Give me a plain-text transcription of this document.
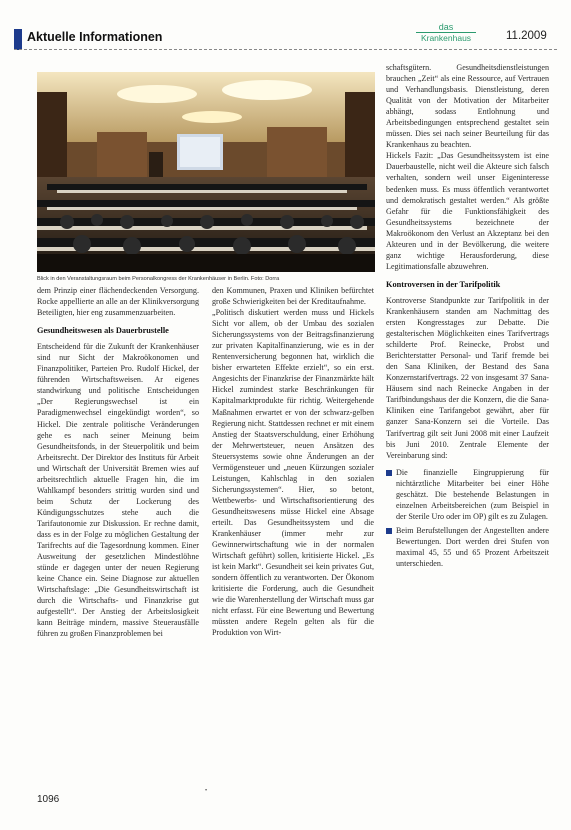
Aktuelle Informationen
das
Krankenhaus	11.2009
Blick in den Veranstaltungsraum beim Personalkongress der Krankenhäuser in Berlin. Foto: Dorra

dem Prinzip einer flächendeckenden Versorgung. Rocke appellierte an alle an der Klinikversorgung Beteiligten, hier eng zusammenzuarbeiten.

Gesundheitswesen als Dauerbrustelle

Entscheidend für die Zukunft der Krankenhäuser sind nur Sicht der Makroökonomen und Finanzpolitiker, Parteien Pro. Rudolf Hickel, der führenden Wirtschaftsweisen. Ar eigenes standwirkung und politische Entscheidungen „Der Regierungswechsel ist ein Paradigmenwechsel eingekündigt worden“, so Hickel. Die zentrale politische Veränderungen gehe es nach seiner Meinung beim Gesundheitsfonds, in der Steuerpolitik und beim Arbeitsrecht. Der Direktor des Instituts für Arbeit und Wirtschaft der Universität Bremen wies auf arbeitsrechtlich aktuelle Fragen hin, die im Wahlkampf besonders strittig wurden sind und beim Schutz der Lockerung des Kündigungsschutzes stehe auch die Tarifautonomie zur Diskussion. Er rechne damit, dass es in der Folge zu möglichen Gestaltung der Tarifrechts auf die Tagesordnung kommen. Einer Ausweitung der gesetzlichen Mindestlöhne stünde er dagegen unter der neuen Regierung keine Chance ein. Seine Diagnose zur aktuellen Wirtschaftslage: „Die Gesundheitswirtschaft ist durch die Wirtschafts- und Finanzkrise gut aufgestellt“. Der Anstieg der Arbeitslosigkeit kann Beiträge mindern, massive Steuerausfälle führen zu großen Finanzproblemen bei

den Kommunen, Praxen und Kliniken befürchtet große Schwierigkeiten bei der Kreditaufnahme.

„Politisch diskutiert werden muss und Hickels Sicht vor allem, ob der Umbau des sozialen Sicherungssystems von der Beitragsfinanzierung zur privaten Kapitalfinanzierung, wie es in der Rentenversicherung begonnen hat, wirklich die bisher erwarteten Effekte erzielt“, so ein erst. Angesichts der Finanzkrise der Finanzmärkte hält Hickel zumindest starke Beschränkungen für Kapitalmarktprodukte für richtig. Weitergehende Maßnahmen erwartet er von der schwarz-gelben Regierung nicht. Stattdessen rechnet er mit einem Anstieg der Staatsverschuldung, einer Erhöhung der Mehrwertsteuer, neuen Ansätzen des Steuersystems sowie ohne Änderungen an der Vermögensteuer und „neuen Kürzungen sozialer Leistungen, Kahlschlag in den sozialen Sicherungssystemen“. Hier, so betont, Wettbewerbs- und Wirtschaftsorientierung des Gesundheitswesens müsse Hickel eine Absage erteilt. Das Gesundheitssystem und die Krankenhäuser (immer mehr zur Gewinnerwirtschaftung wie in der normalen Wirtschaft geführt) sollen, kritisierte Hickel. „Es ist kein Markt“. Gesundheit sei kein privates Gut, sondern öffentlich zu verantworten. Der Ökonom kritisierte die Forderung, auch die Gesundheit wie die Warenherstellung der Wirtschaft muss gar nicht erfasst. Für eine Bewertung und Bewertung müssten andere Regeln gelten als für die Produktion von Wirt-

schaftsgütern. Gesundheitsdienstleistungen brauchen „Zeit“ als eine Ressource, auf Vertrauen und Verhandlungsbasis. Dienstleistung, deren Qualität von der Motivation der Mitarbeiter abhängt, sodass Entlohnung und Arbeitsbedingungen entsprechend gestaltet sein müssen. Dies sei nach seiner Beurteilung für das Krankenhaus zu beachten.

Hickels Fazit: „Das Gesundheitssystem ist eine Dauerbaustelle, nicht weil die Akteure sich falsch verhalten, sondern weil unser Eigeninteresse bedenken muss. Es muss öffentlich verantwortet und demokratisch gestaltet werden.“ Als größte Gefahr für die Funktionsfähigkeit des Gesundheitssystems bezeichnete der Makroökonom den Verlust an Akzeptanz bei den Akteuren und in der Bevölkerung, die weitere ganz wichtige Herausforderung, diese Legitimationsfalle abzuwehren.

Kontroversen in der Tarifpolitik

Kontroverse Standpunkte zur Tarifpolitik in der Krankenhäusern standen am Nachmittag des ersten Kongresstages zur Debatte. Die gestalterischen Möglichkeiten eines Tarifvertrags schilderte Prof. Reinecke, Probst und Berichterstatter Personal- und Tarif fremde bei den Sana Kliniken, der Bestand des Sana Konzernstarifvertrags. 22 von insgesamt 37 Sana-Häusern sind nach Reinecke Angaben in der Tarifbindungshaus der die Konzern, die die Sana-Kliniken eine Tarifangebot gewährt, aber für ganzer Sana-Konzern sei die Vorteile. Das Tarifvertrag gilt seit Juni 2008 mit einer Laufzeit bis Juni 2010. Zentrale Elemente der Vereinbarung sind:

Die finanzielle Eingruppierung für nichtärztliche Mitarbeiter bei einer Höhe geschätzt. Die bestehende Belastungen in einzelnen Arbeitsbereichen (zum Beispiel in der Sterile Uro oder im OP) gilt es zu Zulagen.
Beim Berufstellungen der Angestellten andere Bewertungen. Dort werden drei Stufen von maximal 45, 55 und 65 Prozent Arbeitszeit unterschieden.
1096
•
